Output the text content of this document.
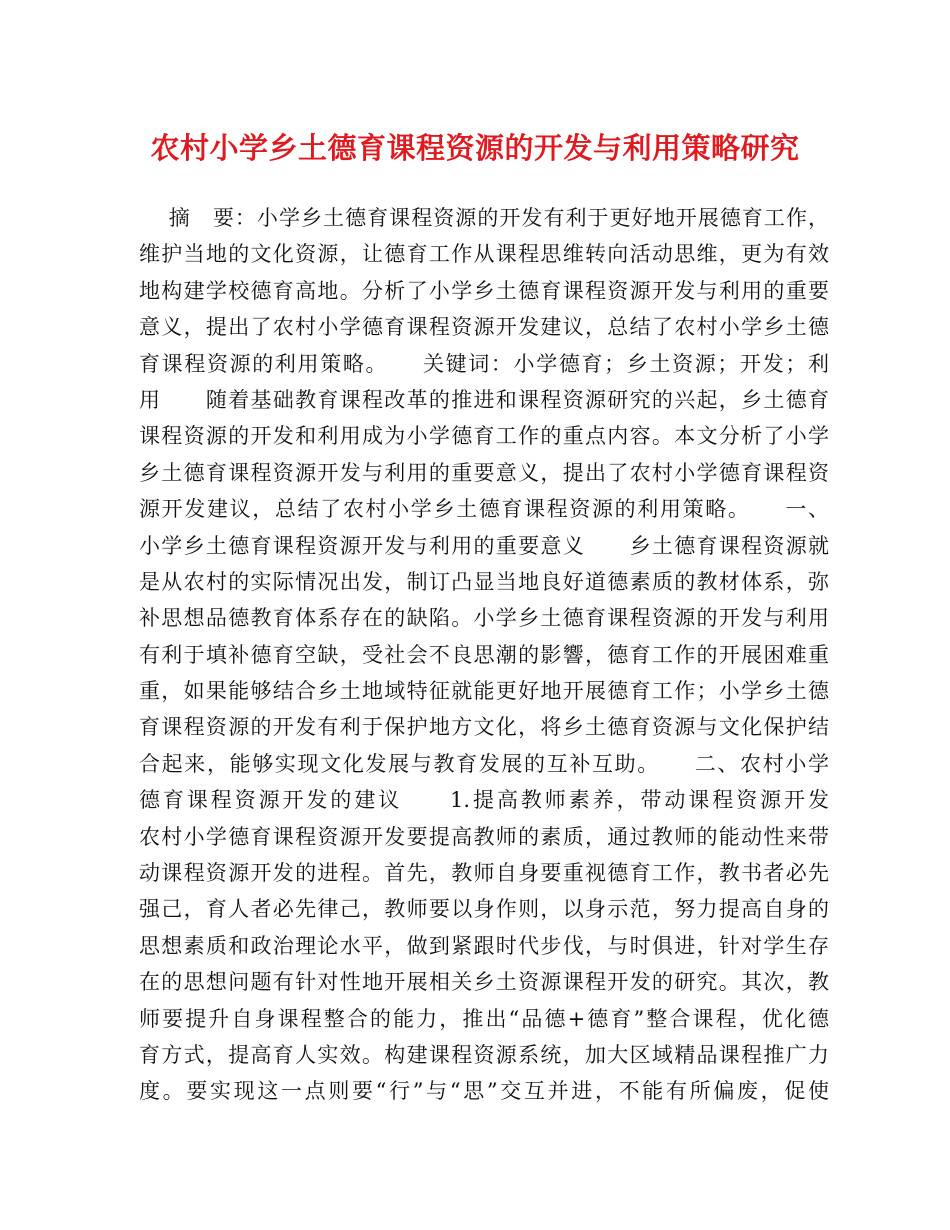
农村小学乡土德育课程资源的开发与利用策略研究
　 摘　要：小学乡土德育课程资源的开发有利于更好地开展德育工作，
维护当地的文化资源，让德育工作从课程思维转向活动思维，更为有效
地构建学校德育高地。分析了小学乡土德育课程资源开发与利用的重要
意义，提出了农村小学德育课程资源开发建议，总结了农村小学乡土德
育课程资源的利用策略。　　关键词：小学德育；乡土资源；开发；利
用　　随着基础教育课程改革的推进和课程资源研究的兴起，乡土德育
课程资源的开发和利用成为小学德育工作的重点内容。本文分析了小学
乡土德育课程资源开发与利用的重要意义，提出了农村小学德育课程资
源开发建议，总结了农村小学乡土德育课程资源的利用策略。　　一、
小学乡土德育课程资源开发与利用的重要意义　　乡土德育课程资源就
是从农村的实际情况出发，制订凸显当地良好道德素质的教材体系，弥
补思想品德教育体系存在的缺陷。小学乡土德育课程资源的开发与利用
有利于填补德育空缺，受社会不良思潮的影響，德育工作的开展困难重
重，如果能够结合乡土地域特征就能更好地开展德育工作；小学乡土德
育课程资源的开发有利于保护地方文化，将乡土德育资源与文化保护结
合起来，能够实现文化发展与教育发展的互补互助。　　二、农村小学
德育课程资源开发的建议　　1.提高教师素养，带动课程资源开发
农村小学德育课程资源开发要提高教师的素质，通过教师的能动性来带
动课程资源开发的进程。首先，教师自身要重视德育工作，教书者必先
强己，育人者必先律己，教师要以身作则，以身示范，努力提高自身的
思想素质和政治理论水平，做到紧跟时代步伐，与时俱进，针对学生存
在的思想问题有针对性地开展相关乡土资源课程开发的研究。其次，教
师要提升自身课程整合的能力，推出“品德+德育”整合课程，优化德
育方式，提高育人实效。构建课程资源系统，加大区域精品课程推广力
度。要实现这一点则要“行”与“思”交互并进，不能有所偏废，促使
